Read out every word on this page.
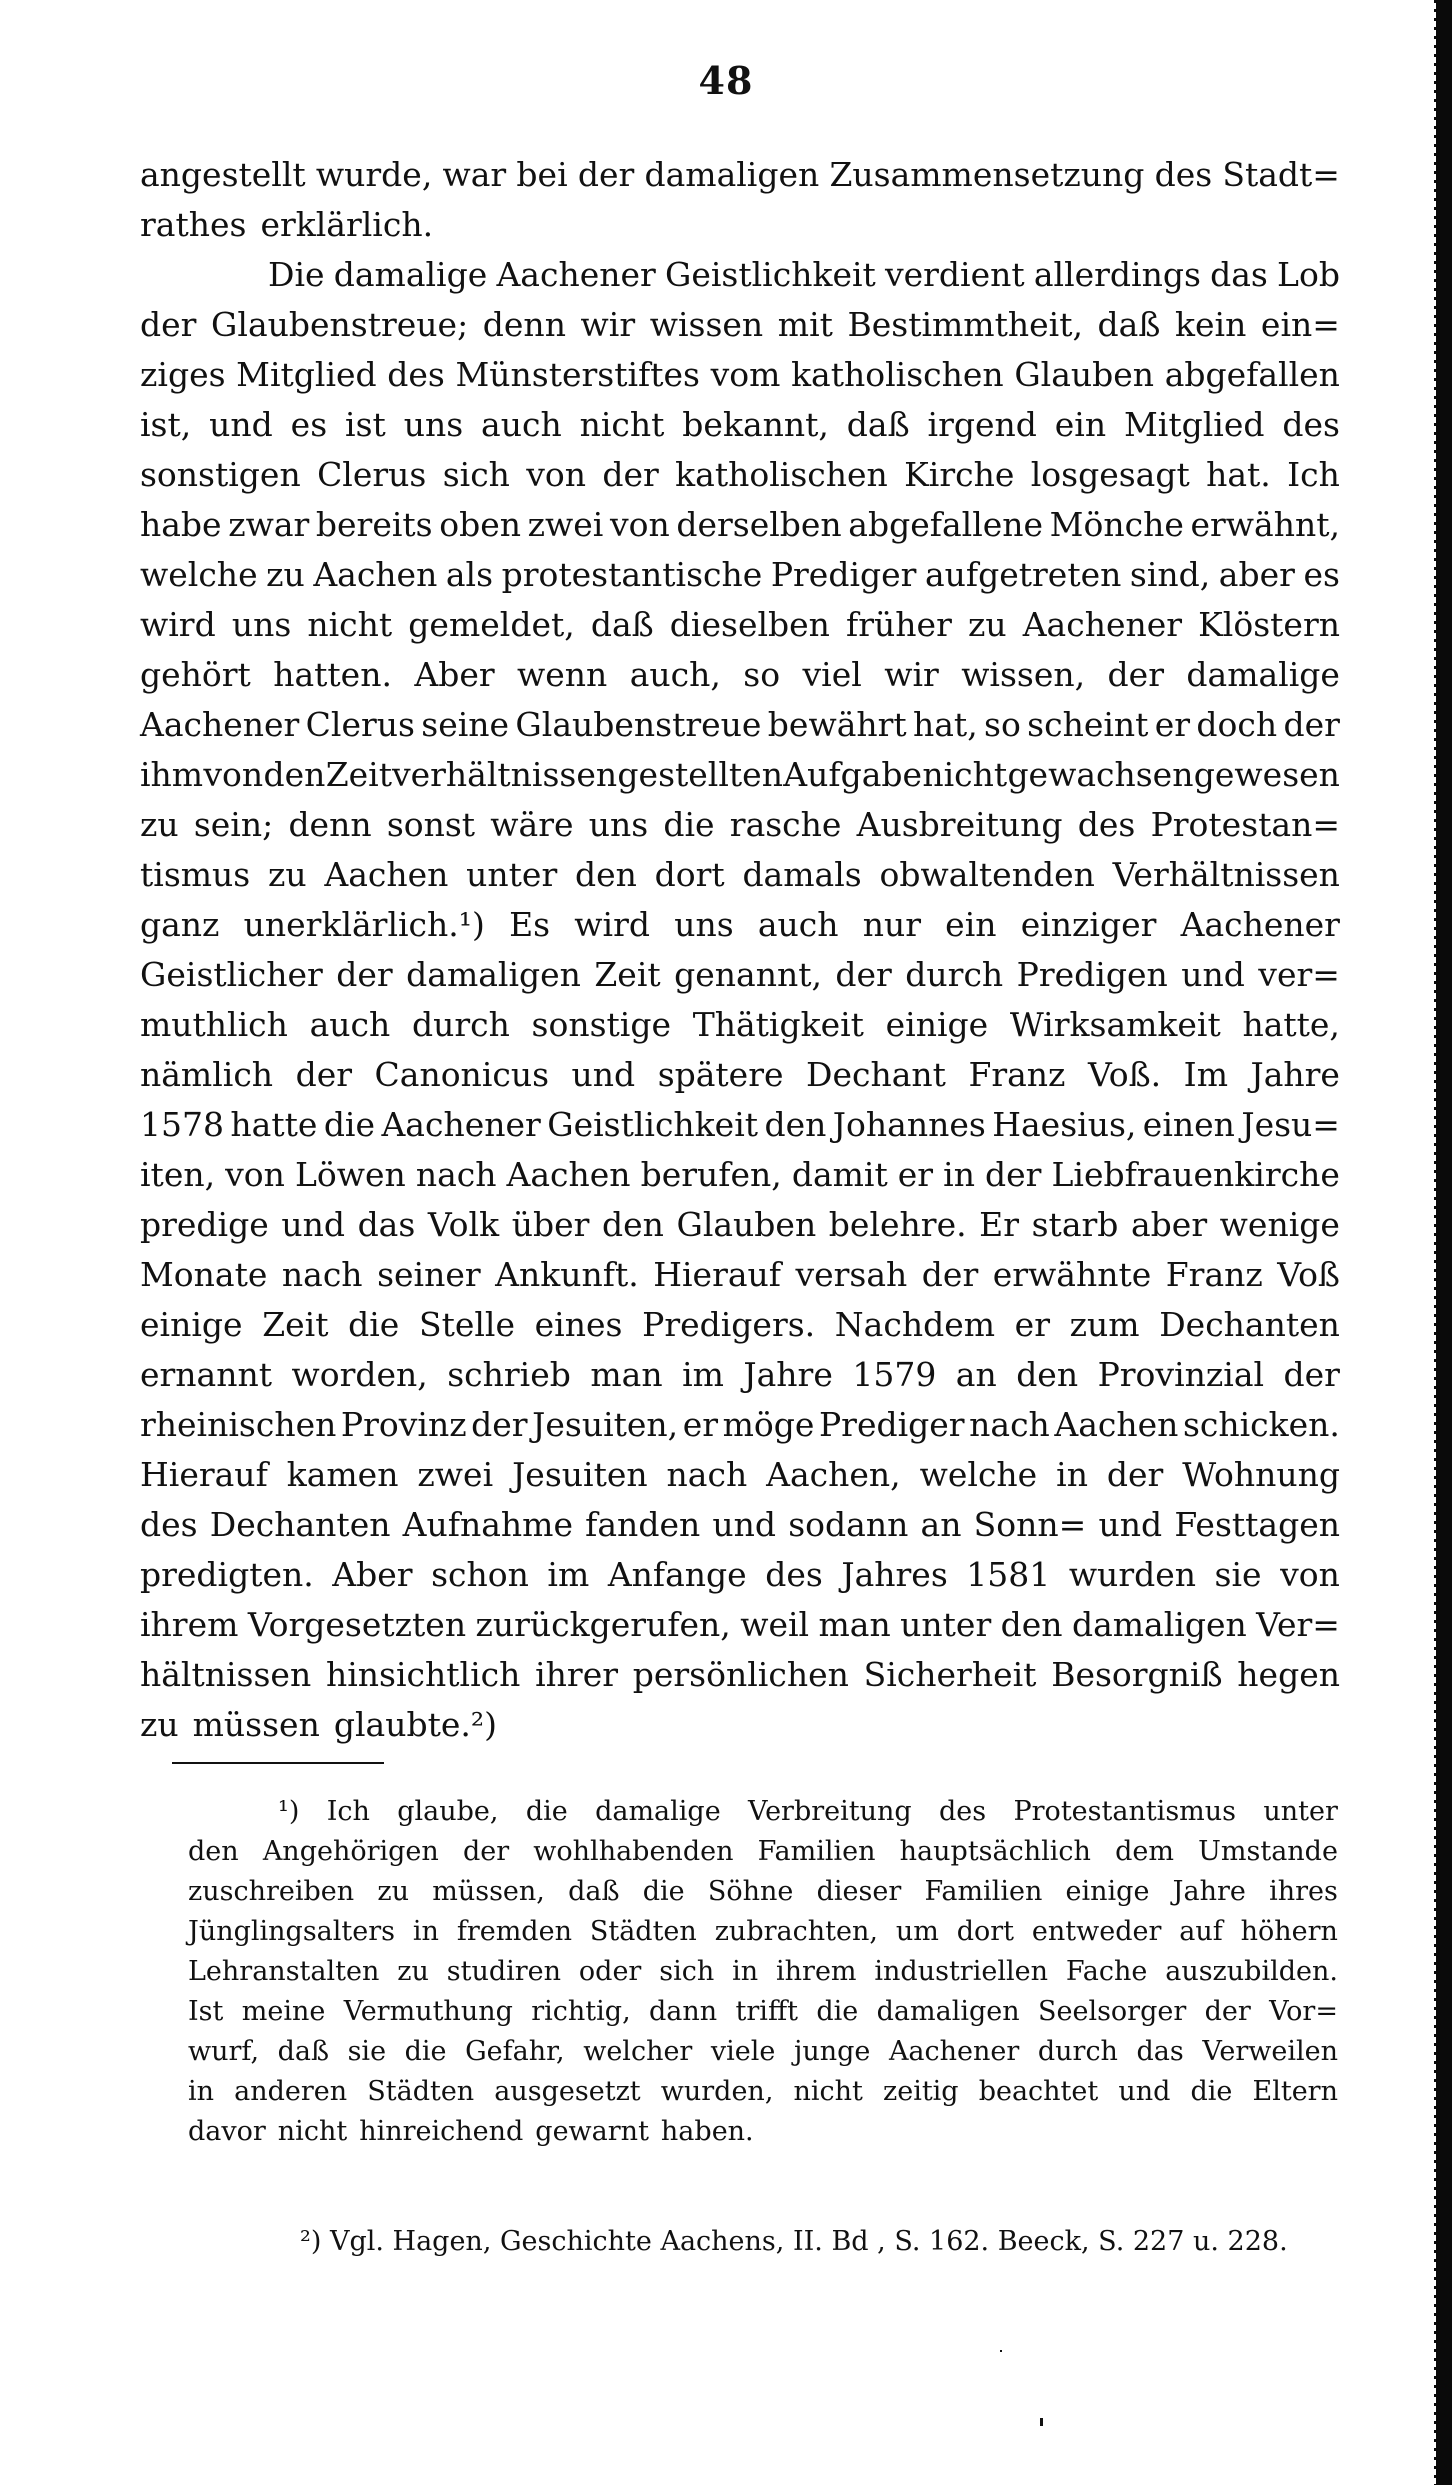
48
angestellt wurde, war bei der damaligen Zusammensetzung des Stadt=
rathes erklärlich.
Die damalige Aachener Geistlichkeit verdient allerdings das Lob
der Glaubenstreue; denn wir wissen mit Bestimmtheit, daß kein ein=
ziges Mitglied des Münsterstiftes vom katholischen Glauben abgefallen
ist, und es ist uns auch nicht bekannt, daß irgend ein Mitglied des
sonstigen Clerus sich von der katholischen Kirche losgesagt hat. Ich
habe zwar bereits oben zwei von derselben abgefallene Mönche erwähnt,
welche zu Aachen als protestantische Prediger aufgetreten sind, aber es
wird uns nicht gemeldet, daß dieselben früher zu Aachener Klöstern
gehört hatten. Aber wenn auch, so viel wir wissen, der damalige
Aachener Clerus seine Glaubenstreue bewährt hat, so scheint er doch der
ihm von den Zeitverhältnissen gestellten Aufgabe nicht gewachsen gewesen
zu sein; denn sonst wäre uns die rasche Ausbreitung des Protestan=
tismus zu Aachen unter den dort damals obwaltenden Verhältnissen
ganz unerklärlich.¹) Es wird uns auch nur ein einziger Aachener
Geistlicher der damaligen Zeit genannt, der durch Predigen und ver=
muthlich auch durch sonstige Thätigkeit einige Wirksamkeit hatte,
nämlich der Canonicus und spätere Dechant Franz Voß. Im Jahre
1578 hatte die Aachener Geistlichkeit den Johannes Haesius, einen Jesu=
iten, von Löwen nach Aachen berufen, damit er in der Liebfrauenkirche
predige und das Volk über den Glauben belehre. Er starb aber wenige
Monate nach seiner Ankunft. Hierauf versah der erwähnte Franz Voß
einige Zeit die Stelle eines Predigers. Nachdem er zum Dechanten
ernannt worden, schrieb man im Jahre 1579 an den Provinzial der
rheinischen Provinz der Jesuiten, er möge Prediger nach Aachen schicken.
Hierauf kamen zwei Jesuiten nach Aachen, welche in der Wohnung
des Dechanten Aufnahme fanden und sodann an Sonn= und Festtagen
predigten. Aber schon im Anfange des Jahres 1581 wurden sie von
ihrem Vorgesetzten zurückgerufen, weil man unter den damaligen Ver=
hältnissen hinsichtlich ihrer persönlichen Sicherheit Besorgniß hegen
zu müssen glaubte.²)
¹) Ich glaube, die damalige Verbreitung des Protestantismus unter
den Angehörigen der wohlhabenden Familien hauptsächlich dem Umstande
zuschreiben zu müssen, daß die Söhne dieser Familien einige Jahre ihres
Jünglingsalters in fremden Städten zubrachten, um dort entweder auf höhern
Lehranstalten zu studiren oder sich in ihrem industriellen Fache auszubilden.
Ist meine Vermuthung richtig, dann trifft die damaligen Seelsorger der Vor=
wurf, daß sie die Gefahr, welcher viele junge Aachener durch das Verweilen
in anderen Städten ausgesetzt wurden, nicht zeitig beachtet und die Eltern
davor nicht hinreichend gewarnt haben.
²) Vgl. Hagen, Geschichte Aachens, II. Bd , S. 162. Beeck, S. 227 u. 228.
